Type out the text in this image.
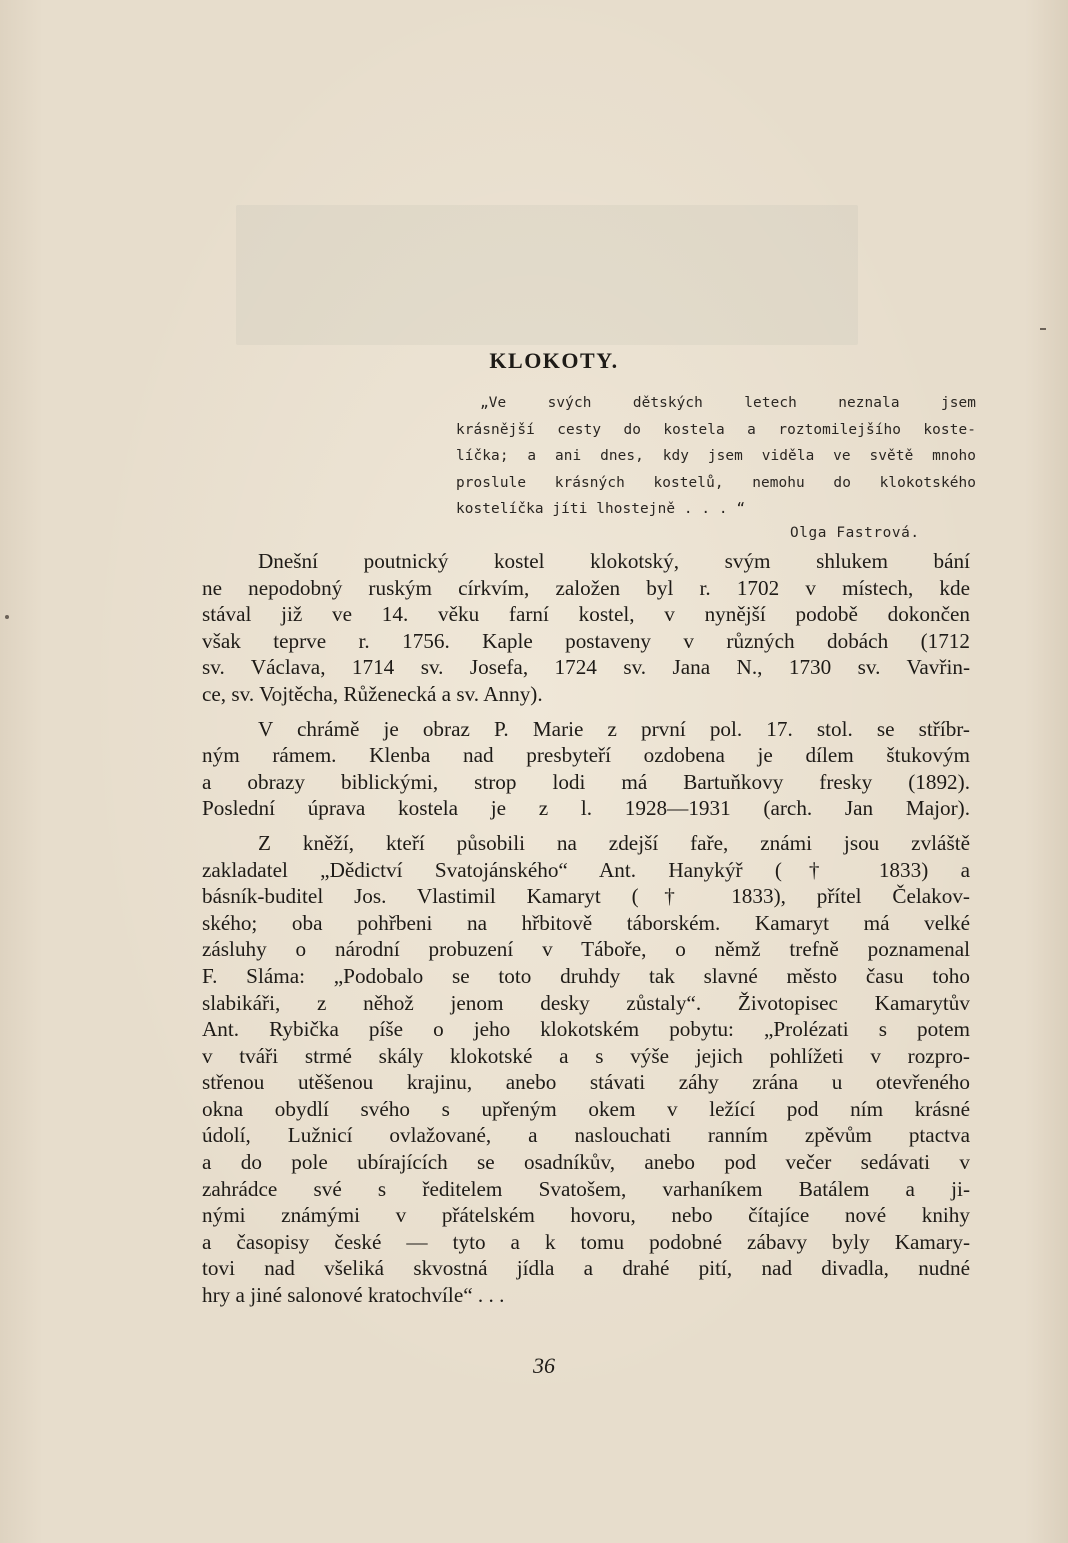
KLOKOTY.
„Ve svých dětských letech neznala jsem
krásnější cesty do kostela a roztomilejšího koste-
líčka; a ani dnes, kdy jsem viděla ve světě mnoho
proslule krásných kostelů, nemohu do klokotského
kostelíčka jíti lhostejně . . . “
Olga Fastrová.
Dnešní poutnický kostel klokotský, svým shlukem bání
ne nepodobný ruským církvím, založen byl r. 1702 v místech, kde
stával již ve 14. věku farní kostel, v nynější podobě dokončen
však teprve r. 1756. Kaple postaveny v různých dobách (1712
sv. Václava, 1714 sv. Josefa, 1724 sv. Jana N., 1730 sv. Vavřin-
ce, sv. Vojtěcha, Růženecká a sv. Anny).
V chrámě je obraz P. Marie z první pol. 17. stol. se stříbr-
ným rámem. Klenba nad presbyteří ozdobena je dílem štukovým
a obrazy biblickými, strop lodi má Bartuňkovy fresky (1892).
Poslední úprava kostela je z l. 1928—1931 (arch. Jan Major).
Z kněží, kteří působili na zdejší faře, známi jsou zvláště
zakladatel „Dědictví Svatojánského“ Ant. Hanykýř († 1833) a
básník-buditel Jos. Vlastimil Kamaryt († 1833), přítel Čelakov-
ského; oba pohřbeni na hřbitově táborském. Kamaryt má velké
zásluhy o národní probuzení v Táboře, o němž trefně poznamenal
F. Sláma: „Podobalo se toto druhdy tak slavné město času toho
slabikáři, z něhož jenom desky zůstaly“. Životopisec Kamarytův
Ant. Rybička píše o jeho klokotském pobytu: „Prolézati s potem
v tváři strmé skály klokotské a s výše jejich pohlížeti v rozpro-
střenou utěšenou krajinu, anebo stávati záhy zrána u otevřeného
okna obydlí svého s upřeným okem v ležící pod ním krásné
údolí, Lužnicí ovlažované, a naslouchati ranním zpěvům ptactva
a do pole ubírajících se osadníkův, anebo pod večer sedávati v
zahrádce své s ředitelem Svatošem, varhaníkem Batálem a ji-
nými známými v přátelském hovoru, nebo čítajíce nové knihy
a časopisy české — tyto a k tomu podobné zábavy byly Kamary-
tovi nad všeliká skvostná jídla a drahé pití, nad divadla, nudné
hry a jiné salonové kratochvíle“ . . .
36
